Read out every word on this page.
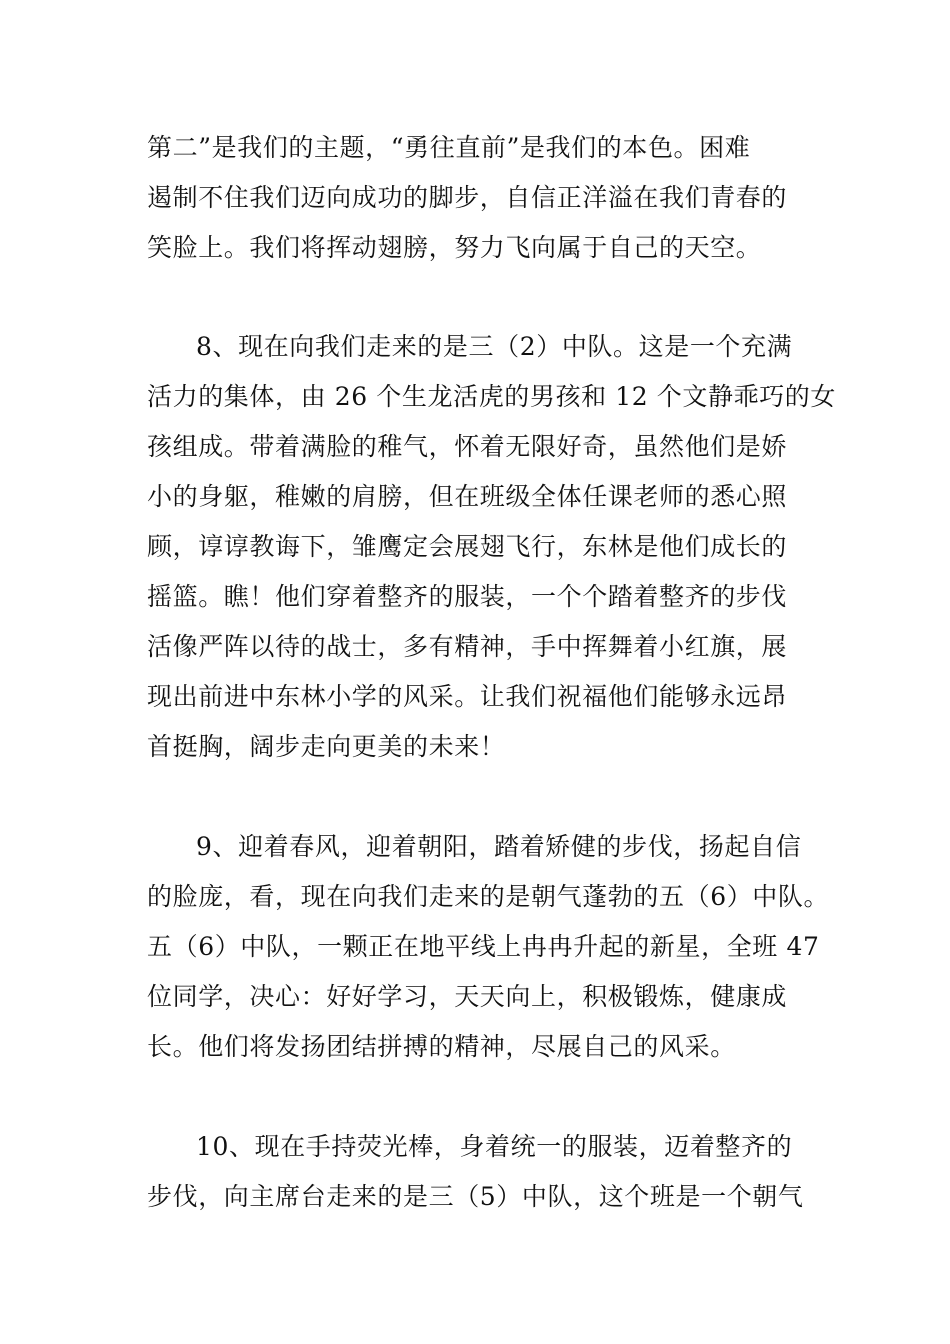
第二”是我们的主题，“勇往直前”是我们的本色。困难
遏制不住我们迈向成功的脚步，自信正洋溢在我们青春的
笑脸上。我们将挥动翅膀，努力飞向属于自己的天空。
8、现在向我们走来的是三（2）中队。这是一个充满
活力的集体，由 26 个生龙活虎的男孩和 12 个文静乖巧的女
孩组成。带着满脸的稚气，怀着无限好奇，虽然他们是娇
小的身躯，稚嫩的肩膀，但在班级全体任课老师的悉心照
顾，谆谆教诲下，雏鹰定会展翅飞行，东林是他们成长的
摇篮。瞧！他们穿着整齐的服装，一个个踏着整齐的步伐
活像严阵以待的战士，多有精神，手中挥舞着小红旗，展
现出前进中东林小学的风采。让我们祝福他们能够永远昂
首挺胸，阔步走向更美的未来！
9、迎着春风，迎着朝阳，踏着矫健的步伐，扬起自信
的脸庞，看，现在向我们走来的是朝气蓬勃的五（6）中队。
五（6）中队，一颗正在地平线上冉冉升起的新星，全班 47
位同学，决心：好好学习，天天向上，积极锻炼，健康成
长。他们将发扬团结拼搏的精神，尽展自己的风采。
10、现在手持荧光棒，身着统一的服装，迈着整齐的
步伐，向主席台走来的是三（5）中队，这个班是一个朝气
